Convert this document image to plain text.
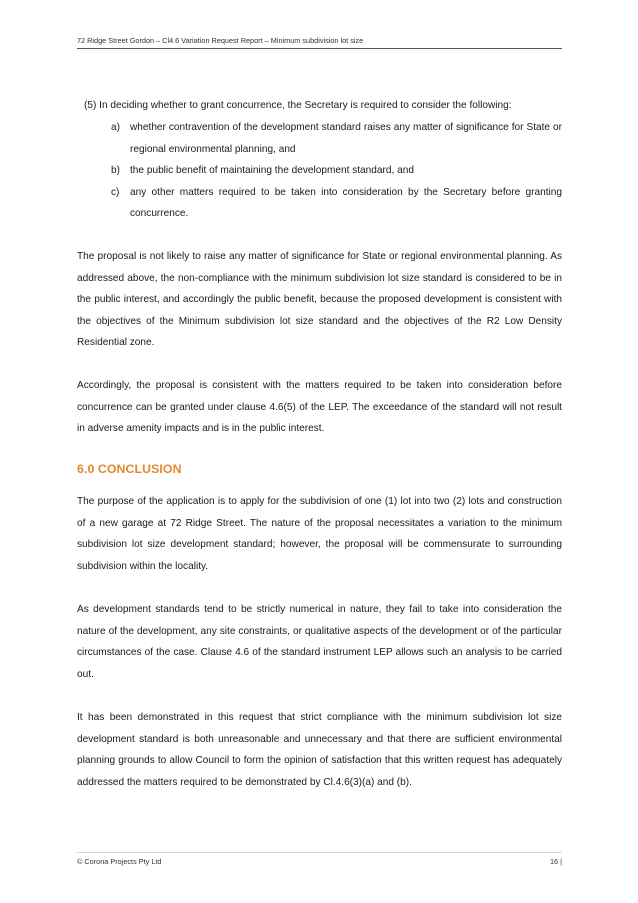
72 Ridge Street Gordon – Cl4.6 Variation Request Report – Minimum subdivision lot size

(5) In deciding whether to grant concurrence, the Secretary is required to consider the following:

a) whether contravention of the development standard raises any matter of significance for State or regional environmental planning, and
b) the public benefit of maintaining the development standard, and
c)	any other matters required to be taken into consideration by the Secretary before granting concurrence.

The proposal is not likely to raise any matter of significance for State or regional environmental planning. As addressed above, the non-compliance with the minimum subdivision lot size standard is considered to be in the public interest, and accordingly the public benefit, because the proposed development is consistent with the objectives of the Minimum subdivision lot size standard and the objectives of the R2 Low Density Residential zone.

Accordingly, the proposal is consistent with the matters required to be taken into consideration before concurrence can be granted under clause 4.6(5) of the LEP. The exceedance of the standard will not result in adverse amenity impacts and is in the public interest.

6.0 CONCLUSION

The purpose of the application is to apply for the subdivision of one (1) lot into two (2) lots and construction of a new garage at 72 Ridge Street. The nature of the proposal necessitates a variation to the minimum subdivision lot size development standard; however, the proposal will be commensurate to surrounding subdivision within the locality.

As development standards tend to be strictly numerical in nature, they fail to take into consideration the nature of the development, any site constraints, or qualitative aspects of the development or of the particular circumstances of the case. Clause 4.6 of the standard instrument LEP allows such an analysis to be carried out.

It has been demonstrated in this request that strict compliance with the minimum subdivision lot size development standard is both unreasonable and unnecessary and that there are sufficient environmental planning grounds to allow Council to form the opinion of satisfaction that this written request has adequately addressed the matters required to be demonstrated by Cl.4.6(3)(a) and (b).

© Corona Projects Pty Ltd	16 |
